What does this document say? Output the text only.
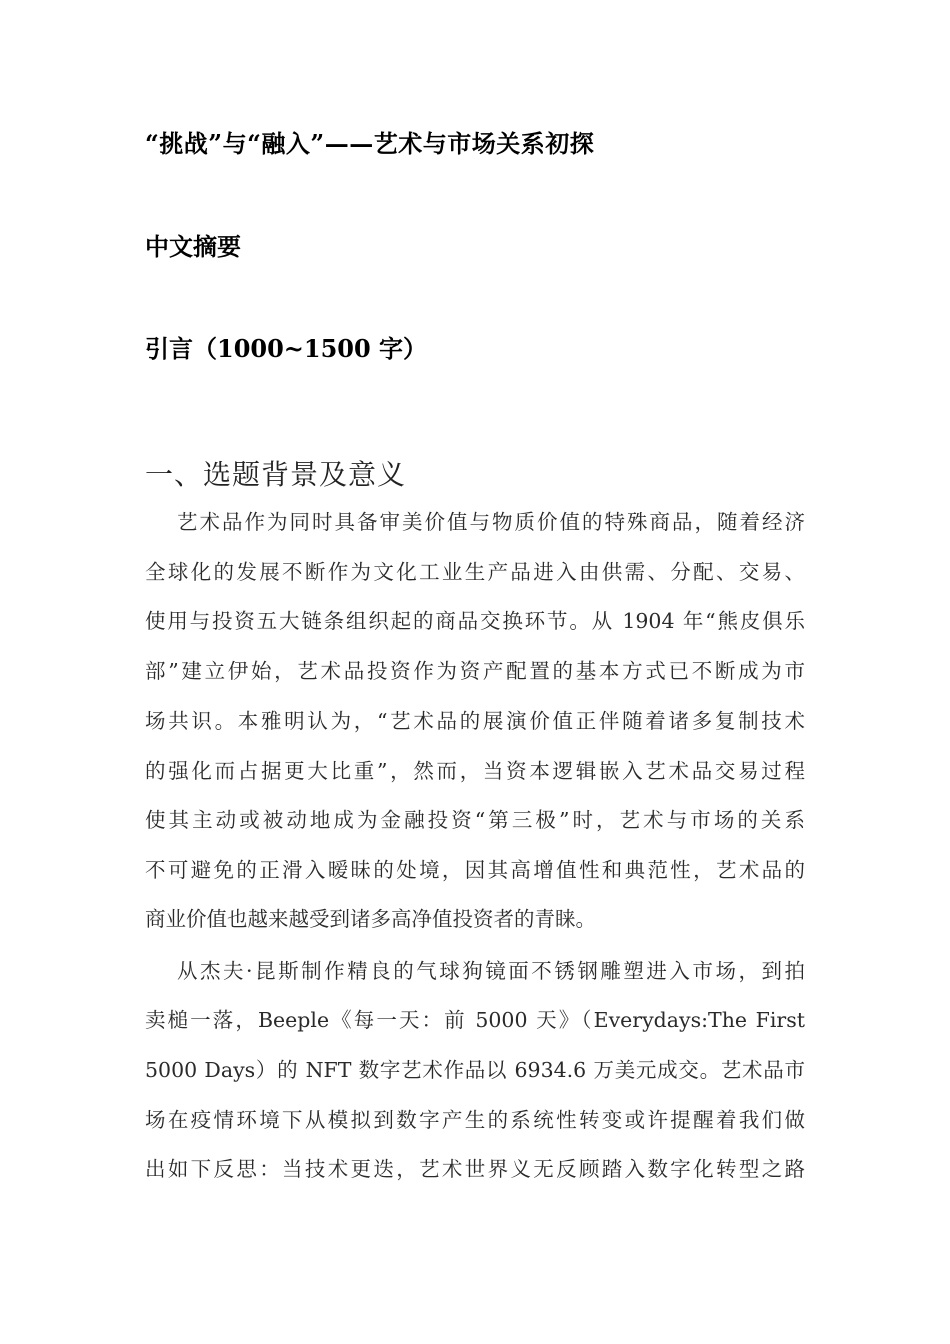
“挑战”与“融入”——艺术与市场关系初探
中文摘要
引言（1000~1500 字）
一、选题背景及意义
艺术品作为同时具备审美价值与物质价值的特殊商品，随着经济
全球化的发展不断作为文化工业生产品进入由供需、分配、交易、
使用与投资五大链条组织起的商品交换环节。从 1904 年“熊皮俱乐
部”建立伊始，艺术品投资作为资产配置的基本方式已不断成为市
场共识。本雅明认为，“艺术品的展演价值正伴随着诸多复制技术
的强化而占据更大比重”，然而，当资本逻辑嵌入艺术品交易过程
使其主动或被动地成为金融投资“第三极”时，艺术与市场的关系
不可避免的正滑入暧昧的处境，因其高增值性和典范性，艺术品的
商业价值也越来越受到诸多高净值投资者的青睐。
从杰夫·昆斯制作精良的气球狗镜面不锈钢雕塑进入市场，到拍
卖槌一落，Beeple《每一天：前 5000 天》（Everydays:The First
5000 Days）的 NFT 数字艺术作品以 6934.6 万美元成交。艺术品市
场在疫情环境下从模拟到数字产生的系统性转变或许提醒着我们做
出如下反思：当技术更迭，艺术世界义无反顾踏入数字化转型之路
